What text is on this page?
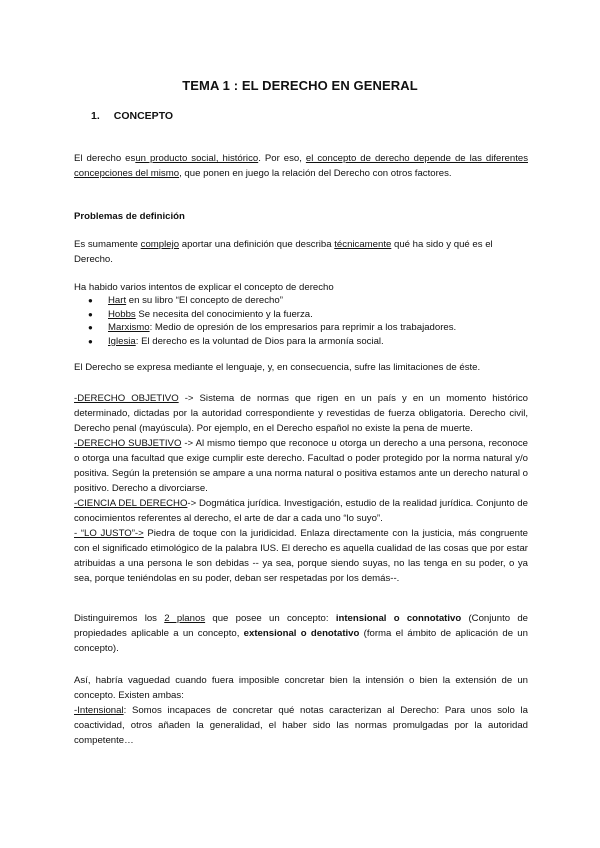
TEMA 1 : EL DERECHO EN GENERAL
1. CONCEPTO
El derecho esun producto social, histórico. Por eso, el concepto de derecho depende de las diferentes concepciones del mismo, que ponen en juego la relación del Derecho con otros factores.
Problemas de definición
Es sumamente complejo aportar una definición que describa técnicamente qué ha sido y qué es el Derecho.
Ha habido varios intentos de explicar el concepto de derecho
● Hart en su libro “El concepto de derecho”
● Hobbs Se necesita del conocimiento y la fuerza.
● Marxismo: Medio de opresión de los empresarios para reprimir a los trabajadores.
● Iglesia: El derecho es la voluntad de Dios para la armonía social.
El Derecho se expresa mediante el lenguaje, y, en consecuencia, sufre las limitaciones de éste.
-DERECHO OBJETIVO -> Sistema de normas que rigen en un país y en un momento histórico determinado, dictadas por la autoridad correspondiente y revestidas de fuerza obligatoria. Derecho civil, Derecho penal (mayúscula). Por ejemplo, en el Derecho español no existe la pena de muerte.
-DERECHO SUBJETIVO -> Al mismo tiempo que reconoce u otorga un derecho a una persona, reconoce o otorga una facultad que exige cumplir este derecho. Facultad o poder protegido por la norma natural y/o positiva. Según la pretensión se ampare a una norma natural o positiva estamos ante un derecho natural o positivo. Derecho a divorciarse.
-CIENCIA DEL DERECHO-> Dogmática jurídica. Investigación, estudio de la realidad jurídica. Conjunto de conocimientos referentes al derecho, el arte de dar a cada uno “lo suyo”.
- “LO JUSTO”-> Piedra de toque con la juridicidad. Enlaza directamente con la justicia, más congruente con el significado etimológico de la palabra IUS. El derecho es aquella cualidad de las cosas que por estar atribuidas a una persona le son debidas -- ya sea, porque siendo suyas, no las tenga en su poder, o ya sea, porque teniéndolas en su poder, deban ser respetadas por los demás--.
Distinguiremos los 2 planos que posee un concepto: intensional o connotativo (Conjunto de propiedades aplicable a un concepto, extensional o denotativo (forma el ámbito de aplicación de un concepto).
Así, habría vaguedad cuando fuera imposible concretar bien la intensión o bien la extensión de un concepto. Existen ambas:
-Intensional: Somos incapaces de concretar qué notas caracterizan al Derecho: Para unos solo la coactividad, otros añaden la generalidad, el haber sido las normas promulgadas por la autoridad competente…
